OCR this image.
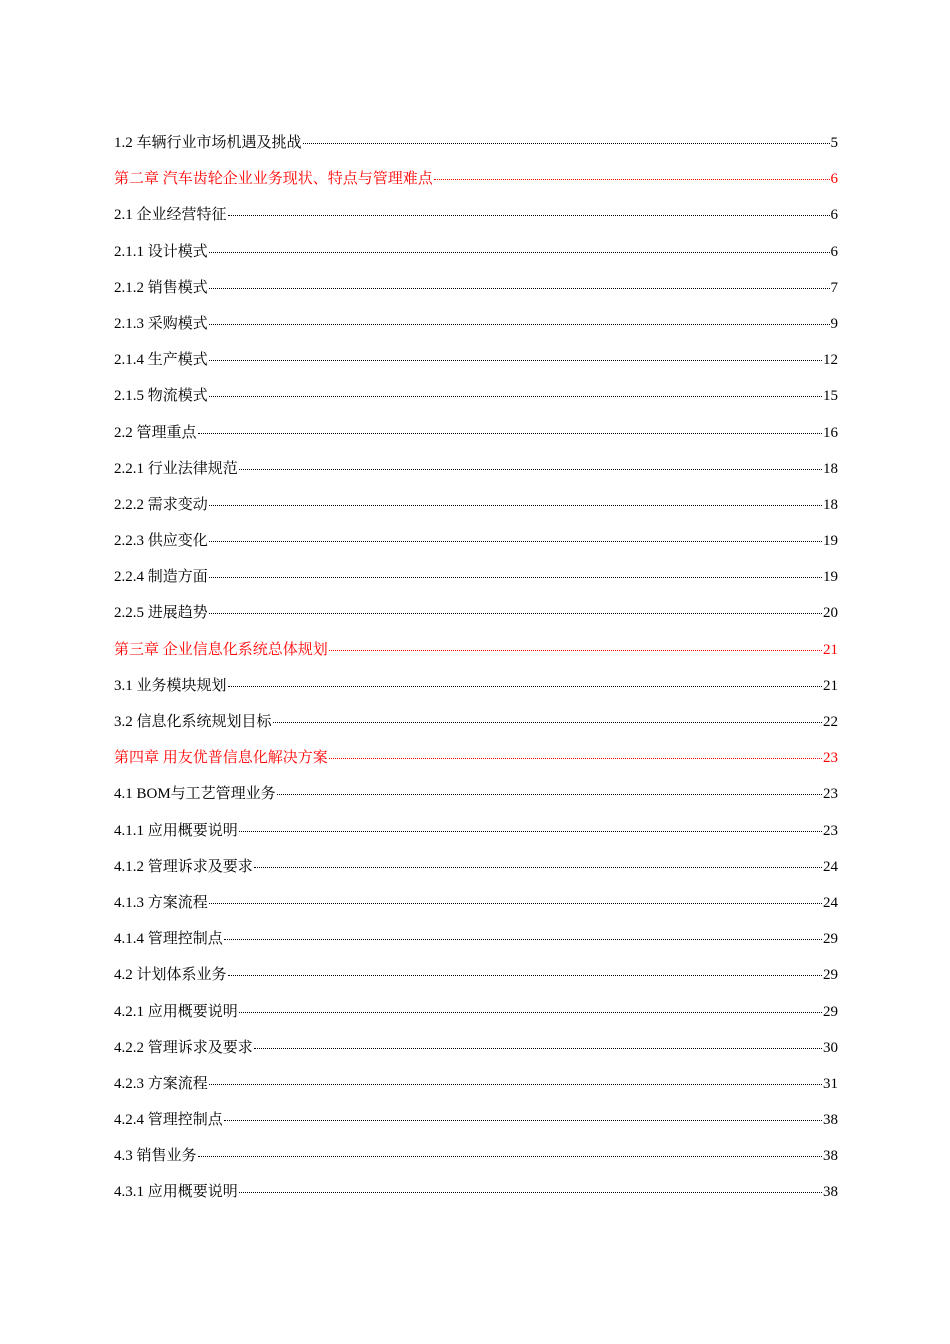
1.2 车辆行业市场机遇及挑战	5
第二章 汽车齿轮企业业务现状、特点与管理难点	6
2.1 企业经营特征	6
2.1.1 设计模式	6
2.1.2 销售模式	7
2.1.3 采购模式	9
2.1.4 生产模式	12
2.1.5 物流模式	15
2.2 管理重点	16
2.2.1 行业法律规范	18
2.2.2 需求变动	18
2.2.3 供应变化	19
2.2.4 制造方面	19
2.2.5 进展趋势	20
第三章 企业信息化系统总体规划	21
3.1 业务模块规划	21
3.2 信息化系统规划目标	22
第四章 用友优普信息化解决方案	23
4.1 BOM与工艺管理业务	23
4.1.1 应用概要说明	23
4.1.2 管理诉求及要求	24
4.1.3 方案流程	24
4.1.4 管理控制点	29
4.2 计划体系业务	29
4.2.1 应用概要说明	29
4.2.2 管理诉求及要求	30
4.2.3 方案流程	31
4.2.4 管理控制点	38
4.3 销售业务	38
4.3.1 应用概要说明	38
